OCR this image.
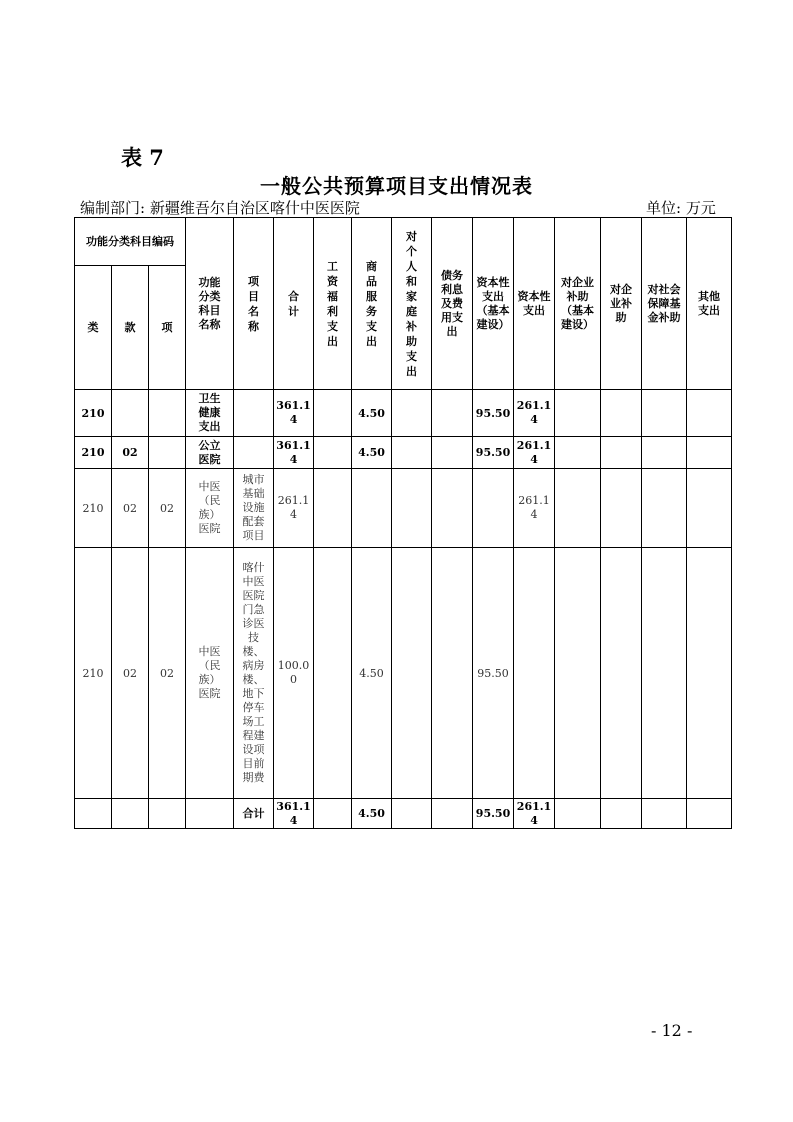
表 7
一般公共预算项目支出情况表
编制部门: 新疆维吾尔自治区喀什中医医院	单位: 万元
功能分类科目编码			功能分类科目名称	项目名称	合计	工资福利支出	商品服务支出	对个人和家庭补助支出	债务利息及费用支出	资本性支出（基本建设）	资本性支出	对企业补助（基本建设）	对企业补助	对社会保障基金补助	其他支出
类	款	项													
210			卫生健康支出		361.14		4.50			95.50	261.14				
210	02		公立医院		361.14		4.50			95.50	261.14				
210	02	02	中医（民族）医院	城市基础设施配套项目	261.14						261.14				
210	02	02	中医（民族）医院	喀什中医医院门急诊医技楼、病房楼、地下停车场工程建设项目前期费	100.00		4.50			95.50					
				合计	361.14		4.50			95.50	261.14				
- 12 -
